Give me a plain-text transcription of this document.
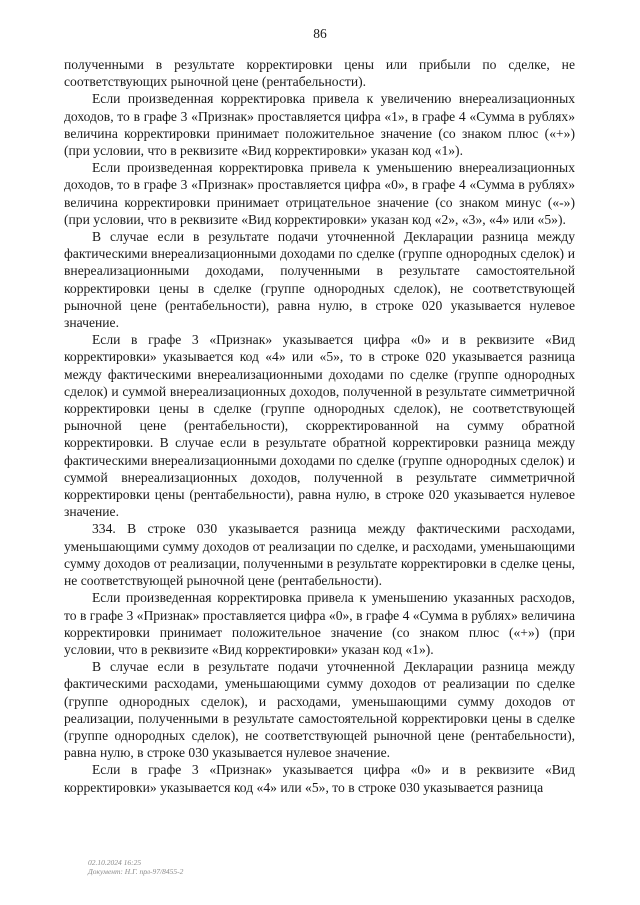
86

полученными в результате корректировки цены или прибыли по сделке, не соответствующих рыночной цене (рентабельности).

Если произведенная корректировка привела к увеличению внереализационных доходов, то в графе 3 «Признак» проставляется цифра «1», в графе 4 «Сумма в рублях» величина корректировки принимает положительное значение (со знаком плюс («+») (при условии, что в реквизите «Вид корректировки» указан код «1»).

Если произведенная корректировка привела к уменьшению внереализационных доходов, то в графе 3 «Признак» проставляется цифра «0», в графе 4 «Сумма в рублях» величина корректировки принимает отрицательное значение (со знаком минус («-») (при условии, что в реквизите «Вид корректировки» указан код «2», «3», «4» или «5»).

В случае если в результате подачи уточненной Декларации разница между фактическими внереализационными доходами по сделке (группе однородных сделок) и внереализационными доходами, полученными в результате самостоятельной корректировки цены в сделке (группе однородных сделок), не соответствующей рыночной цене (рентабельности), равна нулю, в строке 020 указывается нулевое значение.

Если в графе 3 «Признак» указывается цифра «0» и в реквизите «Вид корректировки» указывается код «4» или «5», то в строке 020 указывается разница между фактическими внереализационными доходами по сделке (группе однородных сделок) и суммой внереализационных доходов, полученной в результате симметричной корректировки цены в сделке (группе однородных сделок), не соответствующей рыночной цене (рентабельности), скорректированной на сумму обратной корректировки. В случае если в результате обратной корректировки разница между фактическими внереализационными доходами по сделке (группе однородных сделок) и суммой внереализационных доходов, полученной в результате симметричной корректировки цены (рентабельности), равна нулю, в строке 020 указывается нулевое значение.

334. В строке 030 указывается разница между фактическими расходами, уменьшающими сумму доходов от реализации по сделке, и расходами, уменьшающими сумму доходов от реализации, полученными в результате корректировки в сделке цены, не соответствующей рыночной цене (рентабельности).

Если произведенная корректировка привела к уменьшению указанных расходов, то в графе 3 «Признак» проставляется цифра «0», в графе 4 «Сумма в рублях» величина корректировки принимает положительное значение (со знаком плюс («+») (при условии, что в реквизите «Вид корректировки» указан код «1»).

В случае если в результате подачи уточненной Декларации разница между фактическими расходами, уменьшающими сумму доходов от реализации по сделке (группе однородных сделок), и расходами, уменьшающими сумму доходов от реализации, полученными в результате самостоятельной корректировки цены в сделке (группе однородных сделок), не соответствующей рыночной цене (рентабельности), равна нулю, в строке 030 указывается нулевое значение.

Если в графе 3 «Признак» указывается цифра «0» и в реквизите «Вид корректировки» указывается код «4» или «5», то в строке 030 указывается разница

02.10.2024 16:25
Документ: Н.Г. прл-97/8455-2
